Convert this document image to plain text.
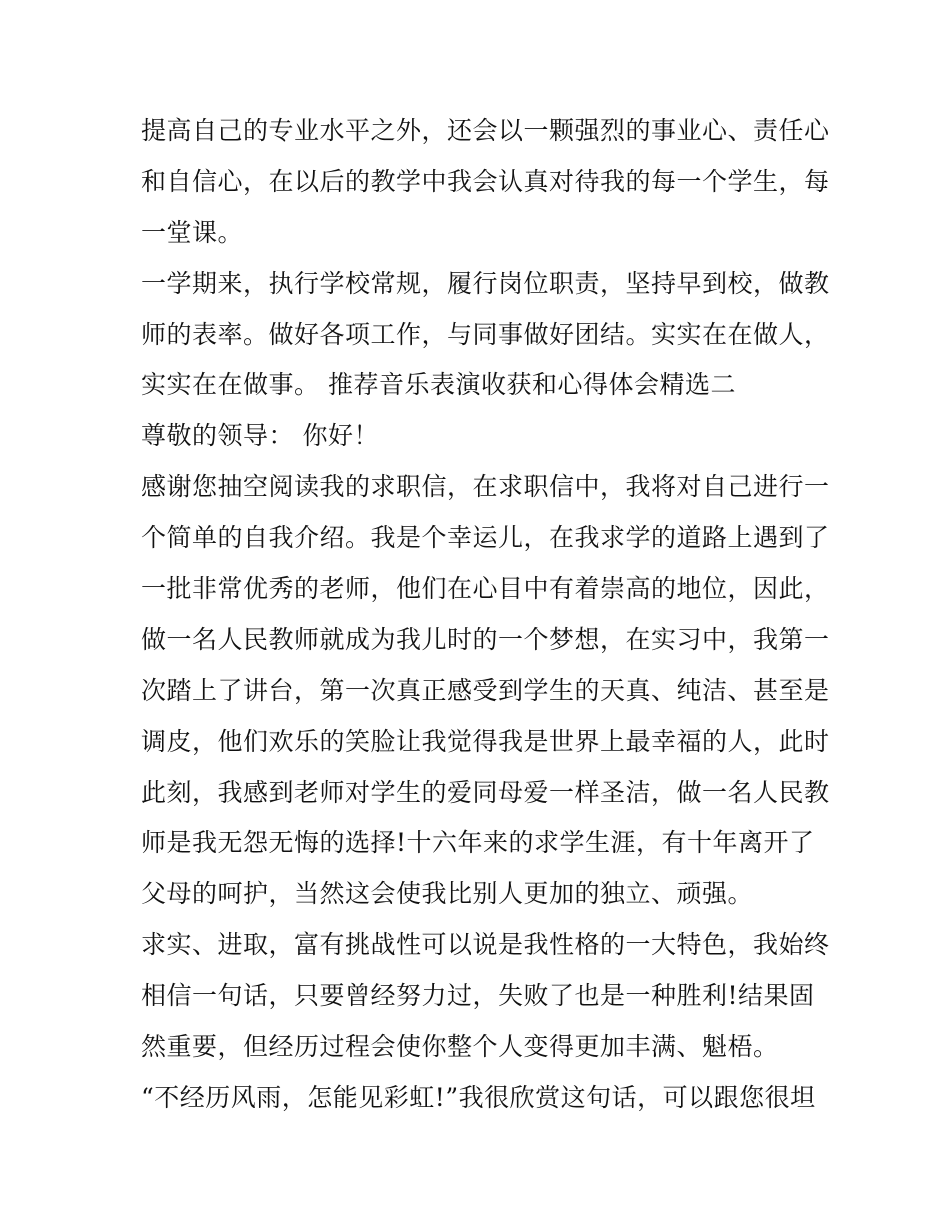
提高自己的专业水平之外，还会以一颗强烈的事业心、责任心
和自信心，在以后的教学中我会认真对待我的每一个学生，每
一堂课。
一学期来，执行学校常规，履行岗位职责，坚持早到校，做教
师的表率。做好各项工作，与同事做好团结。实实在在做人，
实实在在做事。 推荐音乐表演收获和心得体会精选二
尊敬的领导： 你好！
感谢您抽空阅读我的求职信，在求职信中，我将对自己进行一
个简单的自我介绍。我是个幸运儿，在我求学的道路上遇到了
一批非常优秀的老师，他们在心目中有着崇高的地位，因此，
做一名人民教师就成为我儿时的一个梦想，在实习中，我第一
次踏上了讲台，第一次真正感受到学生的天真、纯洁、甚至是
调皮，他们欢乐的笑脸让我觉得我是世界上最幸福的人，此时
此刻，我感到老师对学生的爱同母爱一样圣洁，做一名人民教
师是我无怨无悔的选择!十六年来的求学生涯，有十年离开了
父母的呵护，当然这会使我比别人更加的独立、顽强。
求实、进取，富有挑战性可以说是我性格的一大特色，我始终
相信一句话，只要曾经努力过，失败了也是一种胜利!结果固
然重要，但经历过程会使你整个人变得更加丰满、魁梧。
“不经历风雨，怎能见彩虹!”我很欣赏这句话，可以跟您很坦
